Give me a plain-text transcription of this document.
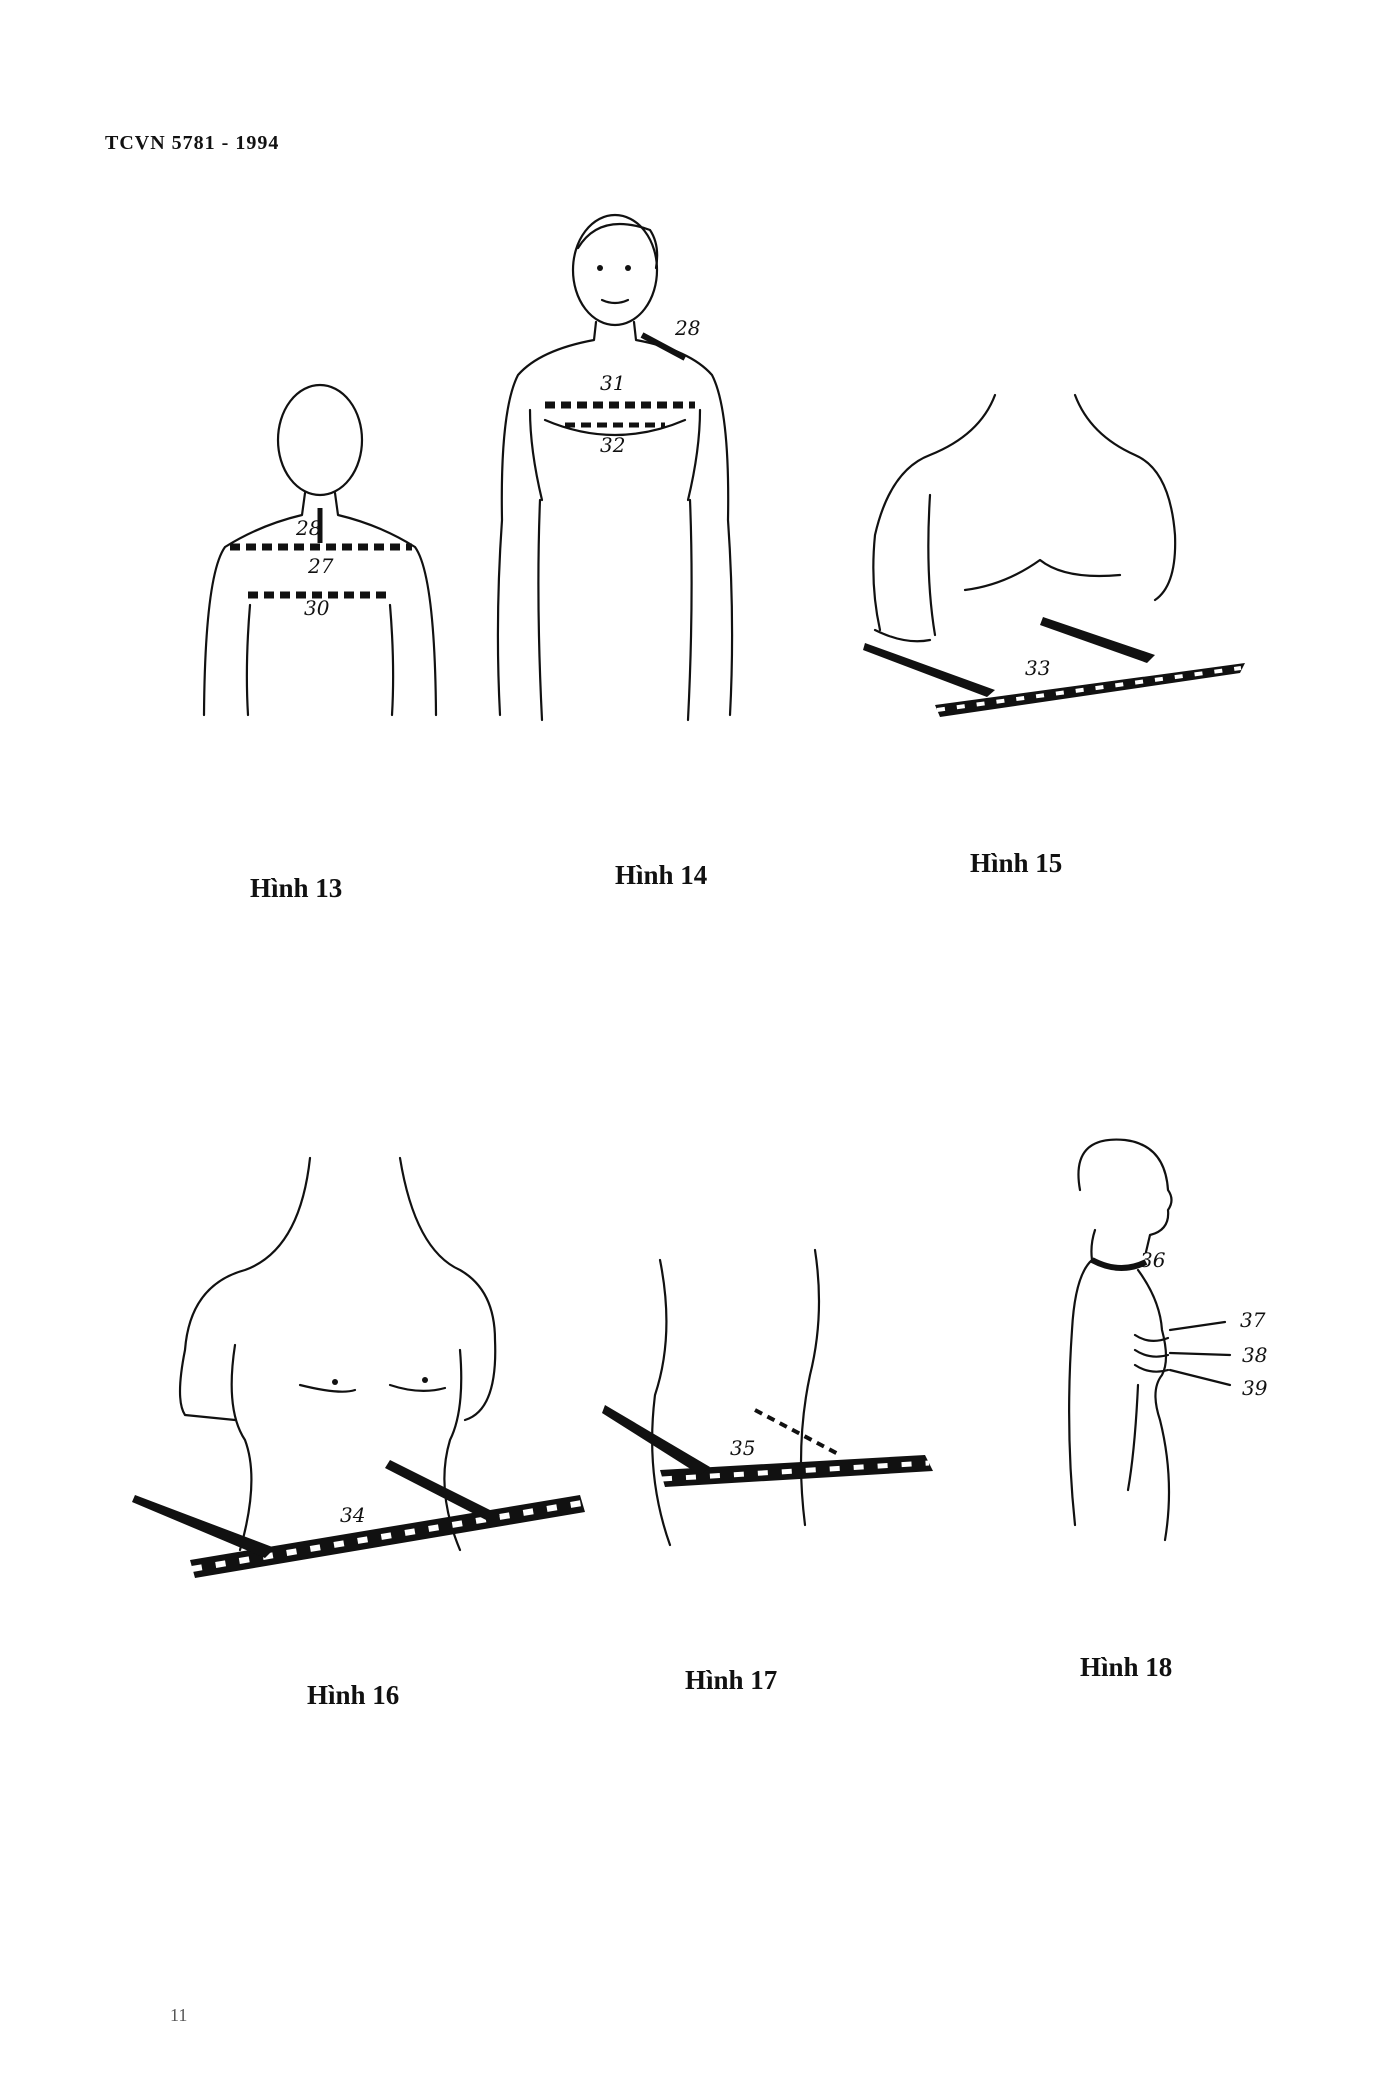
TCVN 5781 - 1994
28
27
30
Hình 13
28
31
32
Hình 14
33
Hình 15
34
Hình 16
35
Hình 17
36
37
38
39
Hình 18
11
